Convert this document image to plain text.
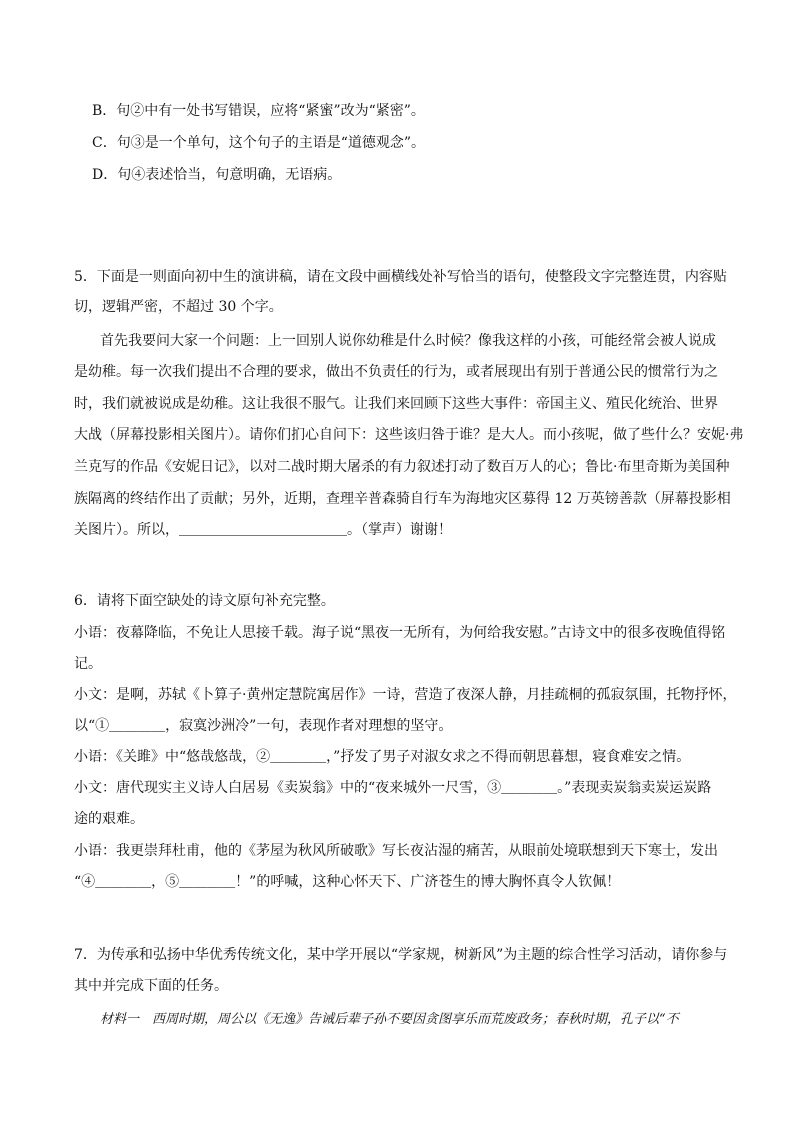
B．句②中有一处书写错误，应将“紧蜜”改为“紧密”。
C．句③是一个单句，这个句子的主语是“道德观念”。
D．句④表述恰当，句意明确，无语病。
5．下面是一则面向初中生的演讲稿，请在文段中画横线处补写恰当的语句，使整段文字完整连贯，内容贴
切，逻辑严密，不超过 30 个字。
首先我要问大家一个问题：上一回别人说你幼稚是什么时候？像我这样的小孩，可能经常会被人说成
是幼稚。每一次我们提出不合理的要求，做出不负责任的行为，或者展现出有别于普通公民的惯常行为之
时，我们就被说成是幼稚。这让我很不服气。让我们来回顾下这些大事件：帝国主义、殖民化统治、世界
大战（屏幕投影相关图片）。请你们扪心自问下：这些该归咎于谁？是大人。而小孩呢，做了些什么？安妮·弗
兰克写的作品《安妮日记》，以对二战时期大屠杀的有力叙述打动了数百万人的心；鲁比·布里奇斯为美国种
族隔离的终结作出了贡献；另外，近期，查理辛普森骑自行车为海地灾区募得 12 万英镑善款（屏幕投影相
关图片）。所以，＿＿＿＿＿＿＿＿＿＿＿＿。（掌声）谢谢！
6．请将下面空缺处的诗文原句补充完整。
小语：夜幕降临，不免让人思接千载。海子说“黑夜一无所有，为何给我安慰。”古诗文中的很多夜晚值得铭
记。
小文：是啊，苏轼《卜算子·黄州定慧院寓居作》一诗，营造了夜深人静，月挂疏桐的孤寂氛围，托物抒怀，
以“①＿＿＿＿，寂寞沙洲冷”一句，表现作者对理想的坚守。
小语：《关雎》中“悠哉悠哉，②＿＿＿＿，”抒发了男子对淑女求之不得而朝思暮想，寝食难安之情。
小文：唐代现实主义诗人白居易《卖炭翁》中的“夜来城外一尺雪，③＿＿＿＿。”表现卖炭翁卖炭运炭路
途的艰难。
小语：我更崇拜杜甫，他的《茅屋为秋风所破歌》写长夜沾湿的痛苦，从眼前处境联想到天下寒士，发出
“④＿＿＿＿，⑤＿＿＿＿！”的呼喊，这种心怀天下、广济苍生的博大胸怀真令人钦佩！
7．为传承和弘扬中华优秀传统文化，某中学开展以“学家规，树新风”为主题的综合性学习活动，请你参与
其中并完成下面的任务。
材料一　西周时期，周公以《无逸》告诫后辈子孙不要因贪图享乐而荒废政务；春秋时期，孔子以“不
